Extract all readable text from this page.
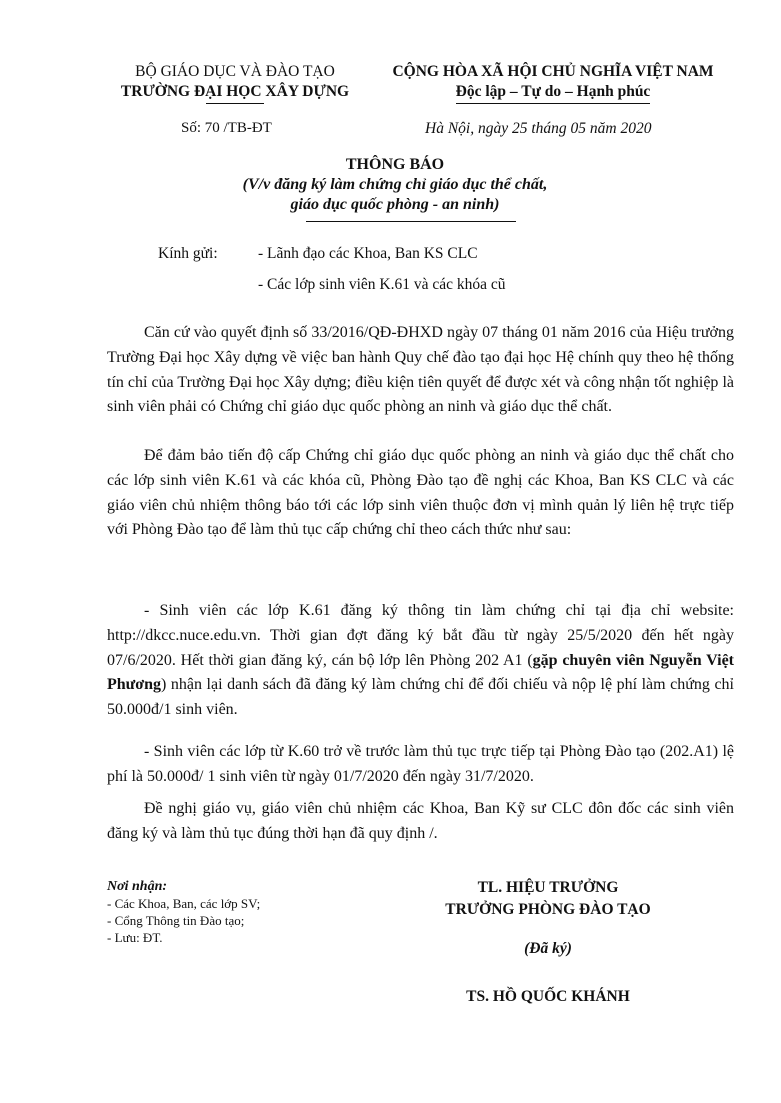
BỘ GIÁO DỤC VÀ ĐÀO TẠO
TRƯỜNG ĐẠI HỌC XÂY DỰNG
CỘNG HÒA XÃ HỘI CHỦ NGHĨA VIỆT NAM
Độc lập – Tự do – Hạnh phúc
Số: 70 /TB-ĐT	Hà Nội, ngày 25 tháng 05 năm 2020
THÔNG BÁO
(V/v đăng ký làm chứng chỉ giáo dục thể chất,
giáo dục quốc phòng - an ninh)
Kính gửi:	- Lãnh đạo các Khoa, Ban KS CLC
- Các lớp sinh viên K.61 và các khóa cũ

Căn cứ vào quyết định số 33/2016/QĐ-ĐHXD ngày 07 tháng 01 năm 2016 của Hiệu trưởng Trường Đại học Xây dựng về việc ban hành Quy chế đào tạo đại học Hệ chính quy theo hệ thống tín chỉ của Trường Đại học Xây dựng; điều kiện tiên quyết để được xét và công nhận tốt nghiệp là sinh viên phải có Chứng chỉ giáo dục quốc phòng an ninh và giáo dục thể chất.

Để đảm bảo tiến độ cấp Chứng chỉ giáo dục quốc phòng an ninh và giáo dục thể chất cho các lớp sinh viên K.61 và các khóa cũ, Phòng Đào tạo đề nghị các Khoa, Ban KS CLC và các giáo viên chủ nhiệm thông báo tới các lớp sinh viên thuộc đơn vị mình quản lý liên hệ trực tiếp với Phòng Đào tạo để làm thủ tục cấp chứng chỉ theo cách thức như sau:

- Sinh viên các lớp K.61 đăng ký thông tin làm chứng chỉ tại địa chỉ website: http://dkcc.nuce.edu.vn. Thời gian đợt đăng ký bắt đầu từ ngày 25/5/2020 đến hết ngày 07/6/2020. Hết thời gian đăng ký, cán bộ lớp lên Phòng 202 A1 (gặp chuyên viên Nguyễn Việt Phương) nhận lại danh sách đã đăng ký làm chứng chỉ để đối chiếu và nộp lệ phí làm chứng chỉ 50.000đ/1 sinh viên.

- Sinh viên các lớp từ K.60 trở về trước làm thủ tục trực tiếp tại Phòng Đào tạo (202.A1) lệ phí là 50.000đ/ 1 sinh viên từ ngày 01/7/2020 đến ngày 31/7/2020.

Đề nghị giáo vụ, giáo viên chủ nhiệm các Khoa, Ban Kỹ sư CLC đôn đốc các sinh viên đăng ký và làm thủ tục đúng thời hạn đã quy định /.

Nơi nhận:
- Các Khoa, Ban, các lớp SV;
- Cổng Thông tin Đào tạo;
- Lưu: ĐT.
TL. HIỆU TRƯỞNG
TRƯỞNG PHÒNG ĐÀO TẠO
(Đã ký)
TS. HỒ QUỐC KHÁNH
